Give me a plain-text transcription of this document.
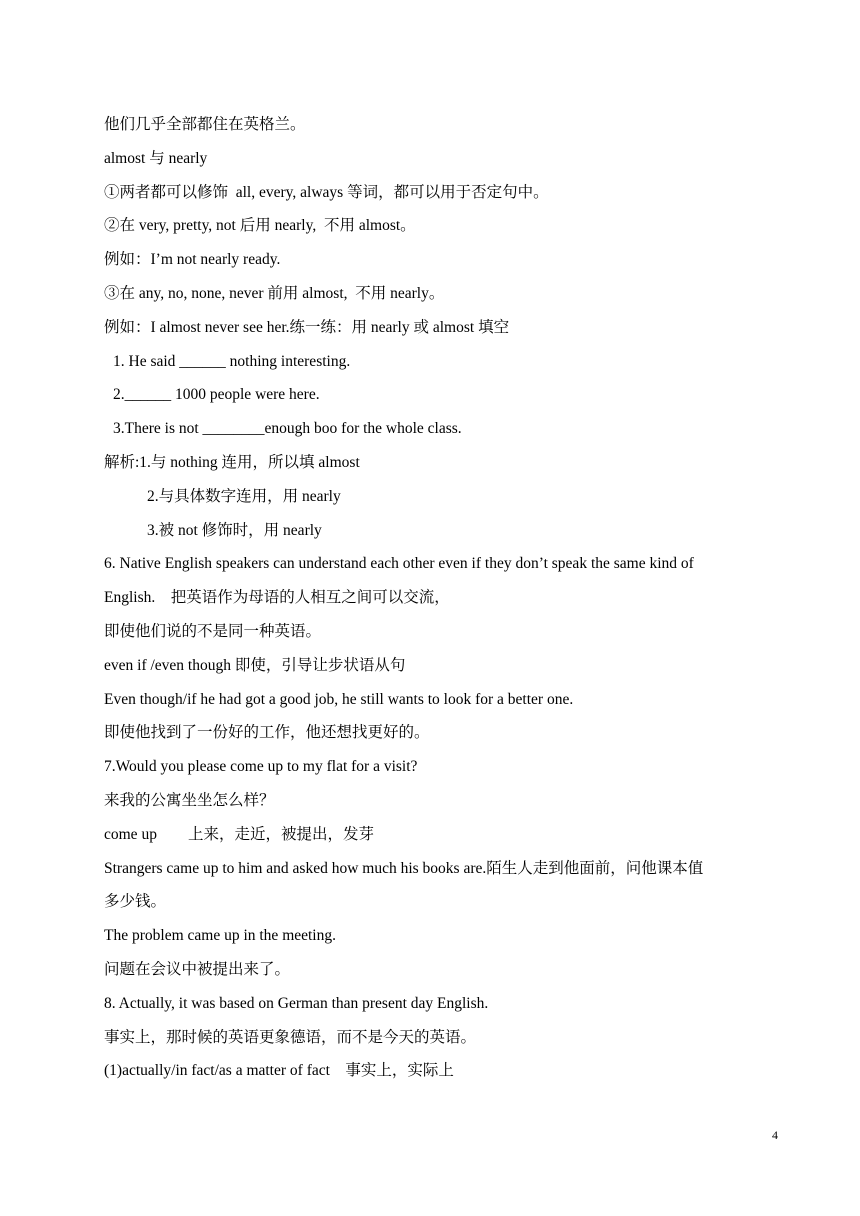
他们几乎全部都住在英格兰。

almost 与 nearly

①两者都可以修饰  all, every, always 等词，都可以用于否定句中。

②在 very, pretty, not 后用 nearly,  不用 almost。

例如：I’m not nearly ready.

③在 any, no, none, never 前用 almost,  不用 nearly。

例如：I almost never see her.练一练：用 nearly 或 almost 填空

1. He said ______ nothing interesting.

2.______ 1000 people were here.

3.There is not ________enough boo for the whole class.

解析:1.与 nothing 连用，所以填 almost

2.与具体数字连用，用 nearly

3.被 not 修饰时，用 nearly

6. Native English speakers can understand each other even if they don’t speak the same kind of

English.    把英语作为母语的人相互之间可以交流，

即使他们说的不是同一种英语。

even if /even though 即使，引导让步状语从句

Even though/if he had got a good job, he still wants to look for a better one.

即使他找到了一份好的工作，他还想找更好的。

7.Would you please come up to my flat for a visit?

来我的公寓坐坐怎么样？

come up        上来，走近，被提出，发芽

Strangers came up to him and asked how much his books are.陌生人走到他面前，问他课本值

多少钱。

The problem came up in the meeting.

问题在会议中被提出来了。

8. Actually, it was based on German than present day English.

事实上，那时候的英语更象德语，而不是今天的英语。

(1)actually/in fact/as a matter of fact    事实上，实际上

4
